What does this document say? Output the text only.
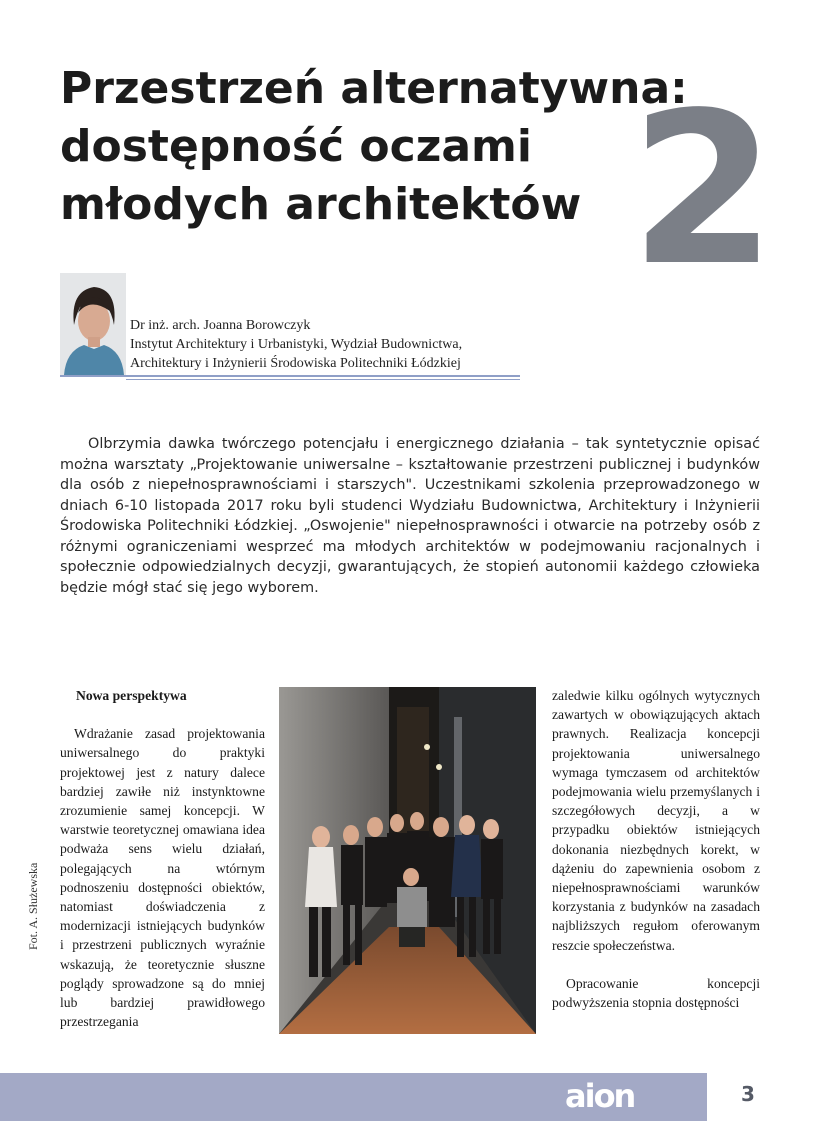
Przestrzeń alternatywna:
dostępność oczami
młodych architektów 2
Dr inż. arch. Joanna Borowczyk
Instytut Architektury i Urbanistyki, Wydział Budownictwa,
Architektury i Inżynierii Środowiska Politechniki Łódzkiej

Olbrzymia dawka twórczego potencjału i energicznego działania – tak syntetycznie opisać można warsztaty „Projektowanie uniwersalne – kształtowanie przestrzeni publicznej i budynków dla osób z niepełnosprawnościami i starszych". Uczestnikami szkolenia przeprowadzonego w dniach 6-10 listopada 2017 roku byli studenci Wydziału Budownictwa, Architektury i Inżynierii Środowiska Politechniki Łódzkiej. „Oswojenie" niepełnosprawności i otwarcie na potrzeby osób z różnymi ograniczeniami wesprzeć ma młodych architektów w podejmowaniu racjonalnych i społecznie odpowiedzialnych decyzji, gwarantujących, że stopień autonomii każdego człowieka będzie mógł stać się jego wyborem.

Fot. A. Służewska
Nowa perspektywa

Wdrażanie zasad projektowania uniwersalnego do praktyki projektowej jest z natury dalece bardziej zawiłe niż instynktowne zrozumienie samej koncepcji. W warstwie teoretycznej omawiana idea podważa sens wielu działań, polegających na wtórnym podnoszeniu dostępności obiektów, natomiast doświadczenia z modernizacji istniejących budynków i przestrzeni publicznych wyraźnie wskazują, że teoretycznie słuszne poglądy sprowadzone są do mniej lub bardziej prawidłowego przestrzegania

zaledwie kilku ogólnych wytycznych zawartych w obowiązujących aktach prawnych. Realizacja koncepcji projektowania uniwersalnego wymaga tymczasem od architektów podejmowania wielu przemyślanych i szczegółowych decyzji, a w przypadku obiektów istniejących dokonania niezbędnych korekt, w dążeniu do zapewnienia osobom z niepełnosprawnościami warunków korzystania z budynków na zasadach najbliższych regułom oferowanym reszcie społeczeństwa.

Opracowanie koncepcji podwyższenia stopnia dostępności

aion	3
